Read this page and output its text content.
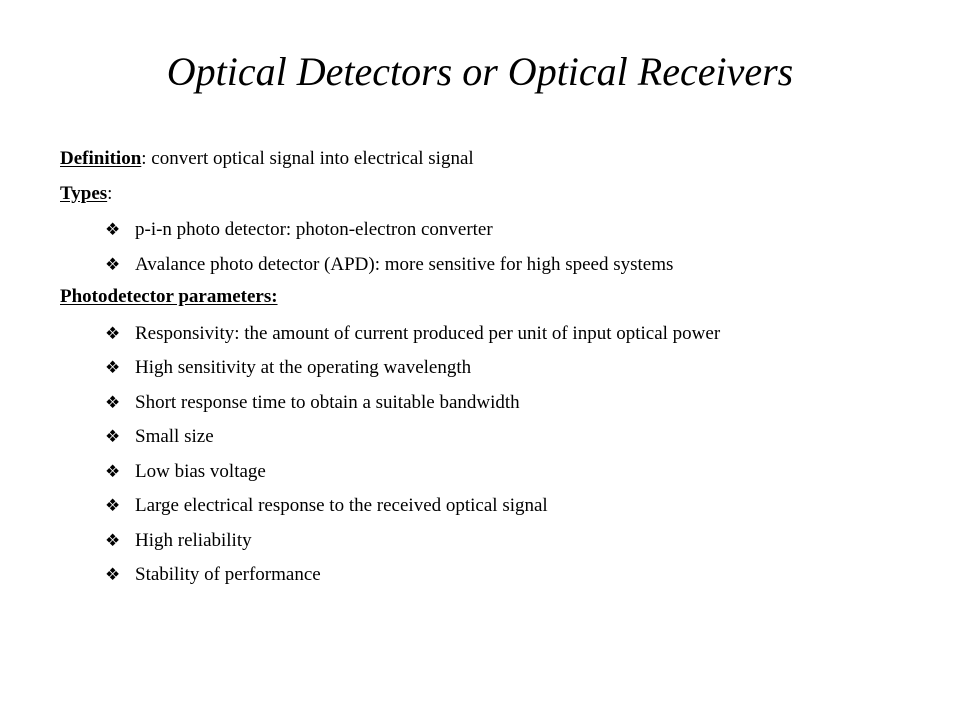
Optical Detectors or Optical Receivers
Definition: convert optical signal into electrical signal
Types:
❖ p-i-n photo detector: photon-electron converter
❖ Avalance photo detector (APD): more sensitive for high speed systems
Photodetector parameters:
❖ Responsivity: the amount of current produced per unit of input optical power
❖ High sensitivity at the operating wavelength
❖ Short response time to obtain a suitable bandwidth
❖ Small size
❖ Low bias voltage
❖ Large electrical response to the received optical signal
❖ High reliability
❖ Stability of performance
